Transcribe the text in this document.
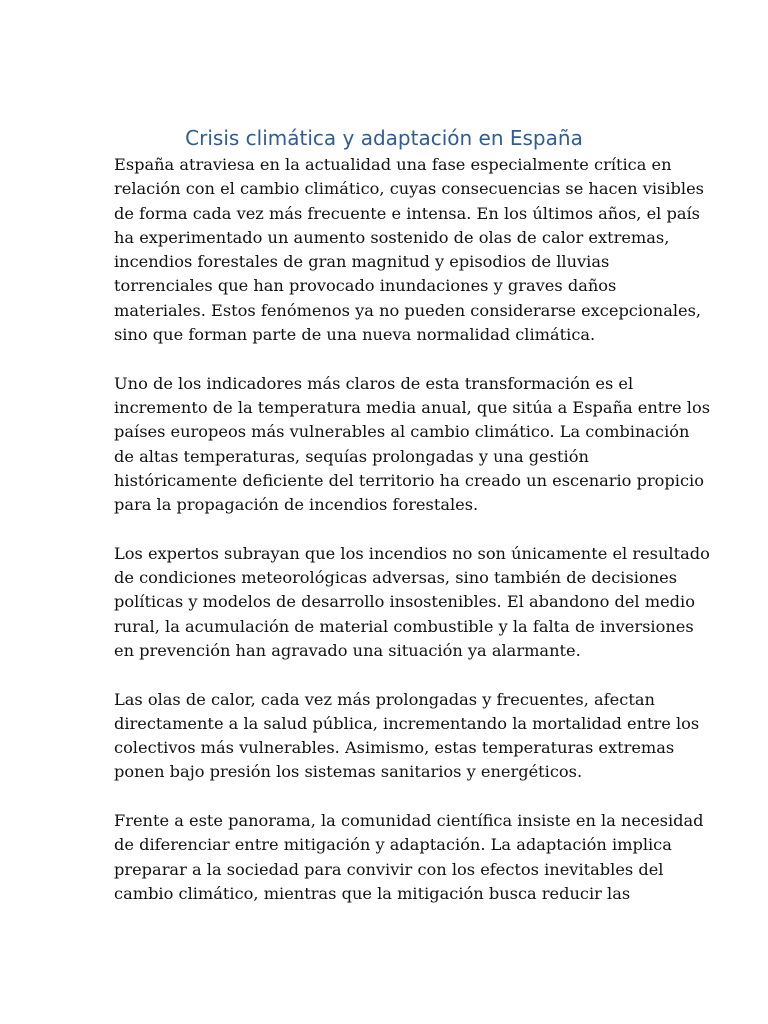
Crisis climática y adaptación en España

España atraviesa en la actualidad una fase especialmente crítica en
relación con el cambio climático, cuyas consecuencias se hacen visibles
de forma cada vez más frecuente e intensa. En los últimos años, el país
ha experimentado un aumento sostenido de olas de calor extremas,
incendios forestales de gran magnitud y episodios de lluvias
torrenciales que han provocado inundaciones y graves daños
materiales. Estos fenómenos ya no pueden considerarse excepcionales,
sino que forman parte de una nueva normalidad climática.

Uno de los indicadores más claros de esta transformación es el
incremento de la temperatura media anual, que sitúa a España entre los
países europeos más vulnerables al cambio climático. La combinación
de altas temperaturas, sequías prolongadas y una gestión
históricamente deficiente del territorio ha creado un escenario propicio
para la propagación de incendios forestales.

Los expertos subrayan que los incendios no son únicamente el resultado
de condiciones meteorológicas adversas, sino también de decisiones
políticas y modelos de desarrollo insostenibles. El abandono del medio
rural, la acumulación de material combustible y la falta de inversiones
en prevención han agravado una situación ya alarmante.

Las olas de calor, cada vez más prolongadas y frecuentes, afectan
directamente a la salud pública, incrementando la mortalidad entre los
colectivos más vulnerables. Asimismo, estas temperaturas extremas
ponen bajo presión los sistemas sanitarios y energéticos.

Frente a este panorama, la comunidad científica insiste en la necesidad
de diferenciar entre mitigación y adaptación. La adaptación implica
preparar a la sociedad para convivir con los efectos inevitables del
cambio climático, mientras que la mitigación busca reducir las
